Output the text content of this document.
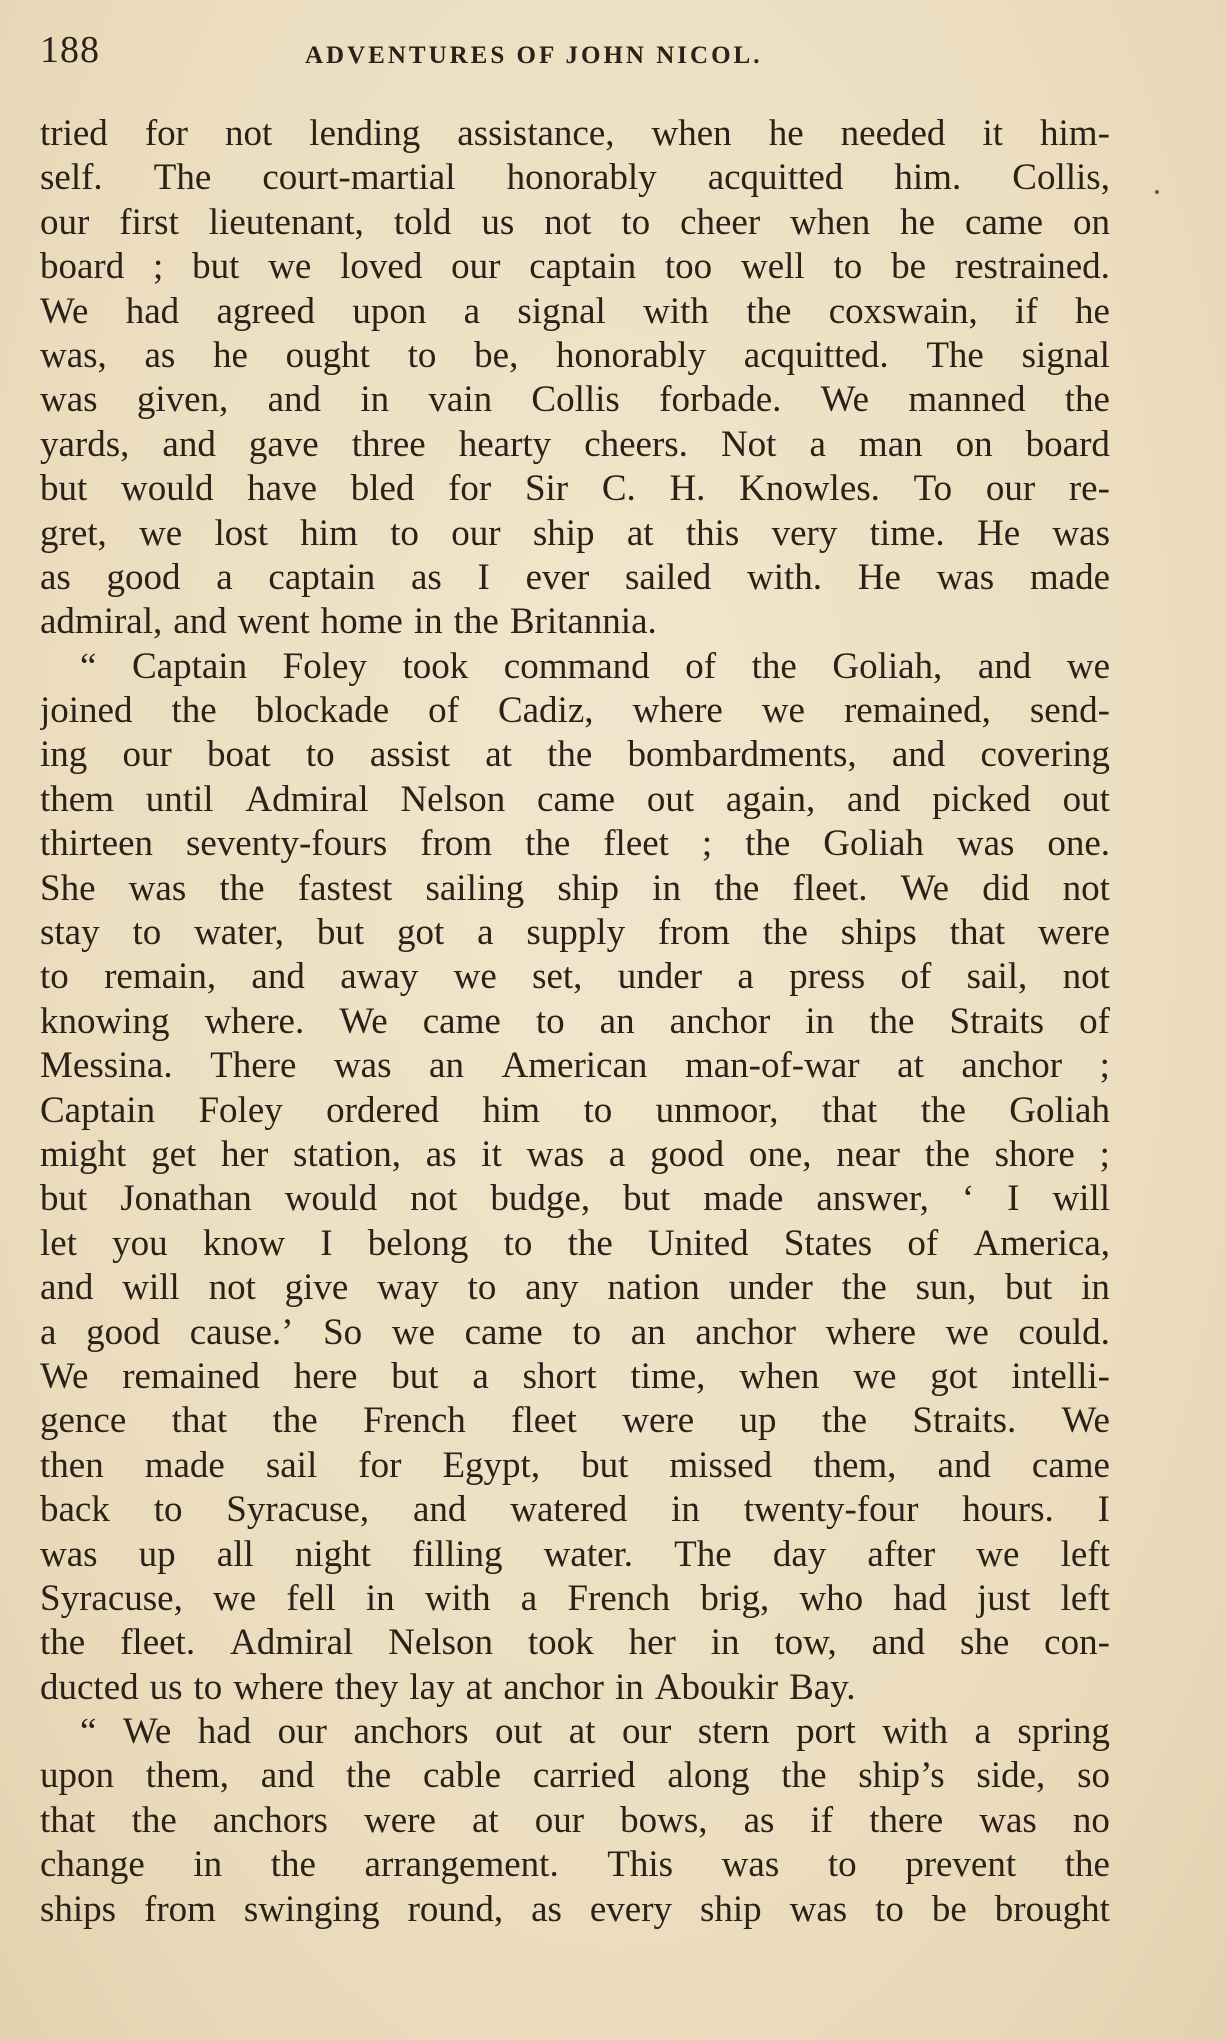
188	ADVENTURES OF JOHN NICOL.
tried for not lending assistance, when he needed it him-
self. The court-martial honorably acquitted him. Collis,
our first lieutenant, told us not to cheer when he came on
board ; but we loved our captain too well to be restrained.
We had agreed upon a signal with the coxswain, if he
was, as he ought to be, honorably acquitted. The signal
was given, and in vain Collis forbade. We manned the
yards, and gave three hearty cheers. Not a man on board
but would have bled for Sir C. H. Knowles. To our re-
gret, we lost him to our ship at this very time. He was
as good a captain as I ever sailed with. He was made
admiral, and went home in the Britannia.
“ Captain Foley took command of the Goliah, and we
joined the blockade of Cadiz, where we remained, send-
ing our boat to assist at the bombardments, and covering
them until Admiral Nelson came out again, and picked out
thirteen seventy-fours from the fleet ; the Goliah was one.
She was the fastest sailing ship in the fleet. We did not
stay to water, but got a supply from the ships that were
to remain, and away we set, under a press of sail, not
knowing where. We came to an anchor in the Straits of
Messina. There was an American man-of-war at anchor ;
Captain Foley ordered him to unmoor, that the Goliah
might get her station, as it was a good one, near the shore ;
but Jonathan would not budge, but made answer, ‘ I will
let you know I belong to the United States of America,
and will not give way to any nation under the sun, but in
a good cause.’ So we came to an anchor where we could.
We remained here but a short time, when we got intelli-
gence that the French fleet were up the Straits. We
then made sail for Egypt, but missed them, and came
back to Syracuse, and watered in twenty-four hours. I
was up all night filling water. The day after we left
Syracuse, we fell in with a French brig, who had just left
the fleet. Admiral Nelson took her in tow, and she con-
ducted us to where they lay at anchor in Aboukir Bay.
“ We had our anchors out at our stern port with a spring
upon them, and the cable carried along the ship’s side, so
that the anchors were at our bows, as if there was no
change in the arrangement. This was to prevent the
ships from swinging round, as every ship was to be brought
